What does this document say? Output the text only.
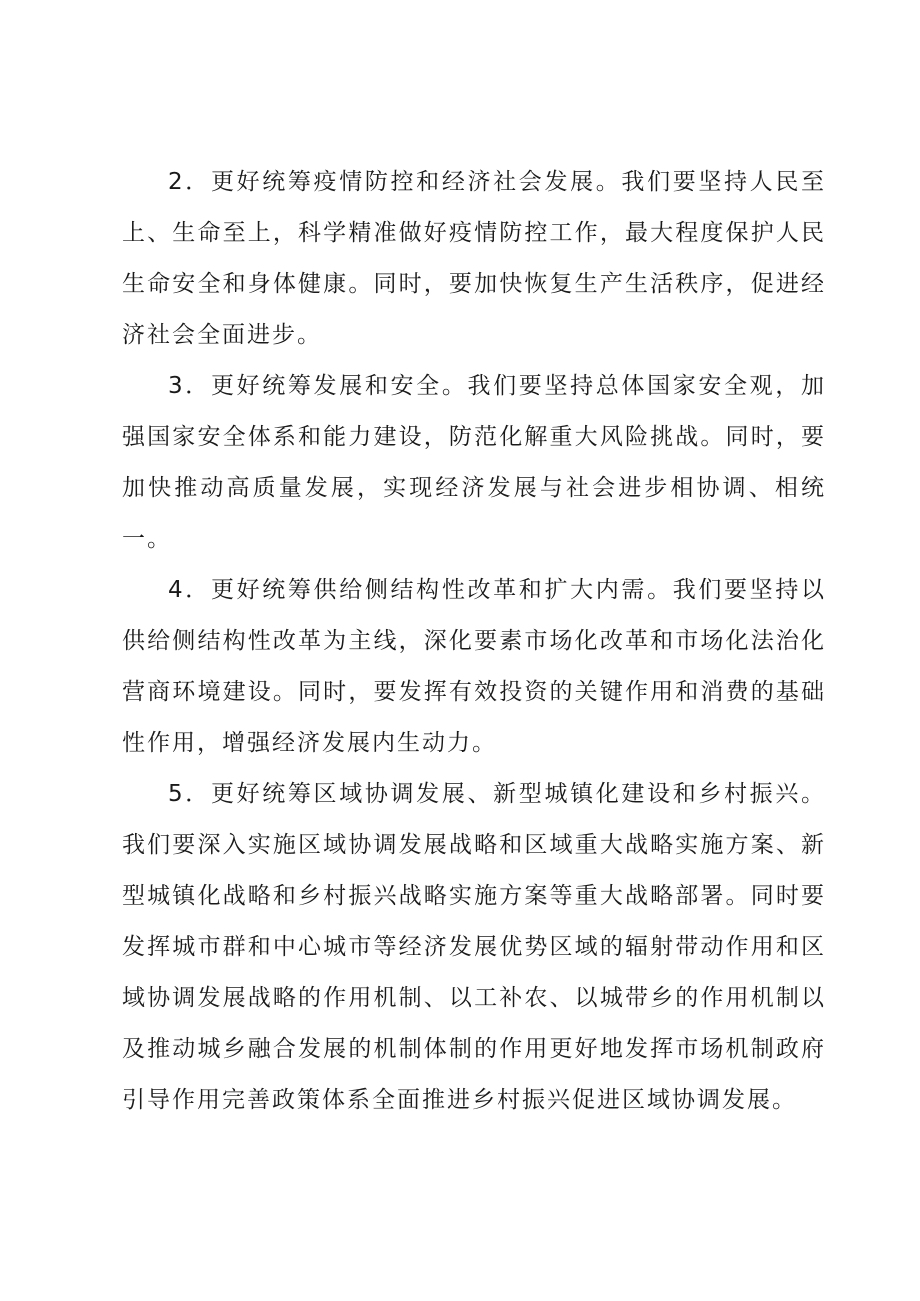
2．更好统筹疫情防控和经济社会发展。我们要坚持人民至上、生命至上，科学精准做好疫情防控工作，最大程度保护人民生命安全和身体健康。同时，要加快恢复生产生活秩序，促进经济社会全面进步。

3．更好统筹发展和安全。我们要坚持总体国家安全观，加强国家安全体系和能力建设，防范化解重大风险挑战。同时，要加快推动高质量发展，实现经济发展与社会进步相协调、相统一。

4．更好统筹供给侧结构性改革和扩大内需。我们要坚持以供给侧结构性改革为主线，深化要素市场化改革和市场化法治化营商环境建设。同时，要发挥有效投资的关键作用和消费的基础性作用，增强经济发展内生动力。

5．更好统筹区域协调发展、新型城镇化建设和乡村振兴。我们要深入实施区域协调发展战略和区域重大战略实施方案、新型城镇化战略和乡村振兴战略实施方案等重大战略部署。同时要发挥城市群和中心城市等经济发展优势区域的辐射带动作用和区域协调发展战略的作用机制、以工补农、以城带乡的作用机制以及推动城乡融合发展的机制体制的作用更好地发挥市场机制政府引导作用完善政策体系全面推进乡村振兴促进区域协调发展。
